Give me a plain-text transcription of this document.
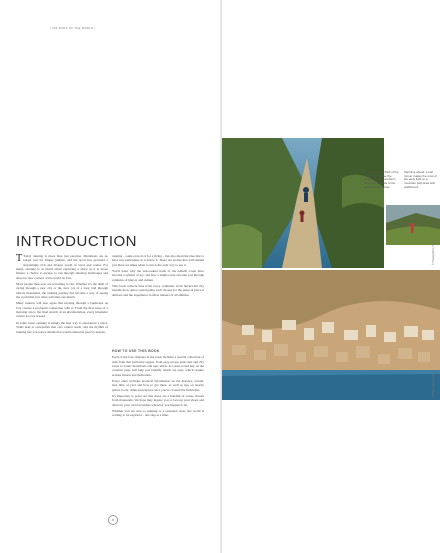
| 200 RUNS OF THE WORLD |
INTRODUCTION

T Today running is more than just exercise. Marathons are no longer just for fitness junkies, and the sport has spawned a surprisingly rich and diverse world of races and routes. For many, running is as much about exploring a place as it is about fitness: a chance to escape, to run through amazing landscapes and discover new corners of the world on foot.

More people than ever are travelling to run. Whether it's the thrill of racing through a new city or the slow joy of a long trail through remote mountains, the running journey has become a way of seeing the world that few other activities can match.

Many runners will also agree that moving through a landscape on foot creates a profound connection with it. From the first steps of a morning run to the final stretch of an ultramarathon, every kilometre carries its own reward.

In some cases, running is simply the best way to experience a place. Trails lead to viewpoints that cars cannot reach, and the rhythm of running lets you notice details that would otherwise pass by unseen.

running – some even do it for a living – but also about the idea that to have run somewhere is to know it. There are stories that will remind you there are times when to run is the only way to see it.

You'll learn why the sun-soaked trails of the Amalfi Coast have become a symbol of joy, and how a single route can take you through centuries of history and culture.

This book collects runs from every continent, from bucket-list city marathons to quiet coastal paths, each chosen for the sense of place it delivers and the experience it offers runners of all abilities.

8
Runners on the Path of the Gods, high above the Amalfi Coast in southern Italy, take in views of the sparkling sea below.
Sprinting ahead, a trail runner makes the most of the early light on a mountain path lined with wildflowers.
© Photographer Credit
© Photographer Credit
HOW TO USE THIS BOOK

Each of the four chapters in the book includes a special collection of runs from that particular region, from easy-access park runs and city loops to iconic marathons and epic ultras. A colour-coded key on the contents page will help you identify which are easy, which require serious fitness and dedication.

Every entry includes practical information on the distance, terrain, best time of year and how to get there, as well as tips on nearby places to eat, drink and explore once you've crossed the finish line.

It's important to point out that these are a handful of routes chosen from thousands. We hope they inspire you to lace up your shoes and discover your own favourites wherever you happen to be.

Whether you are new to running or a seasoned racer, the world is waiting to be explored – one step at a time.
